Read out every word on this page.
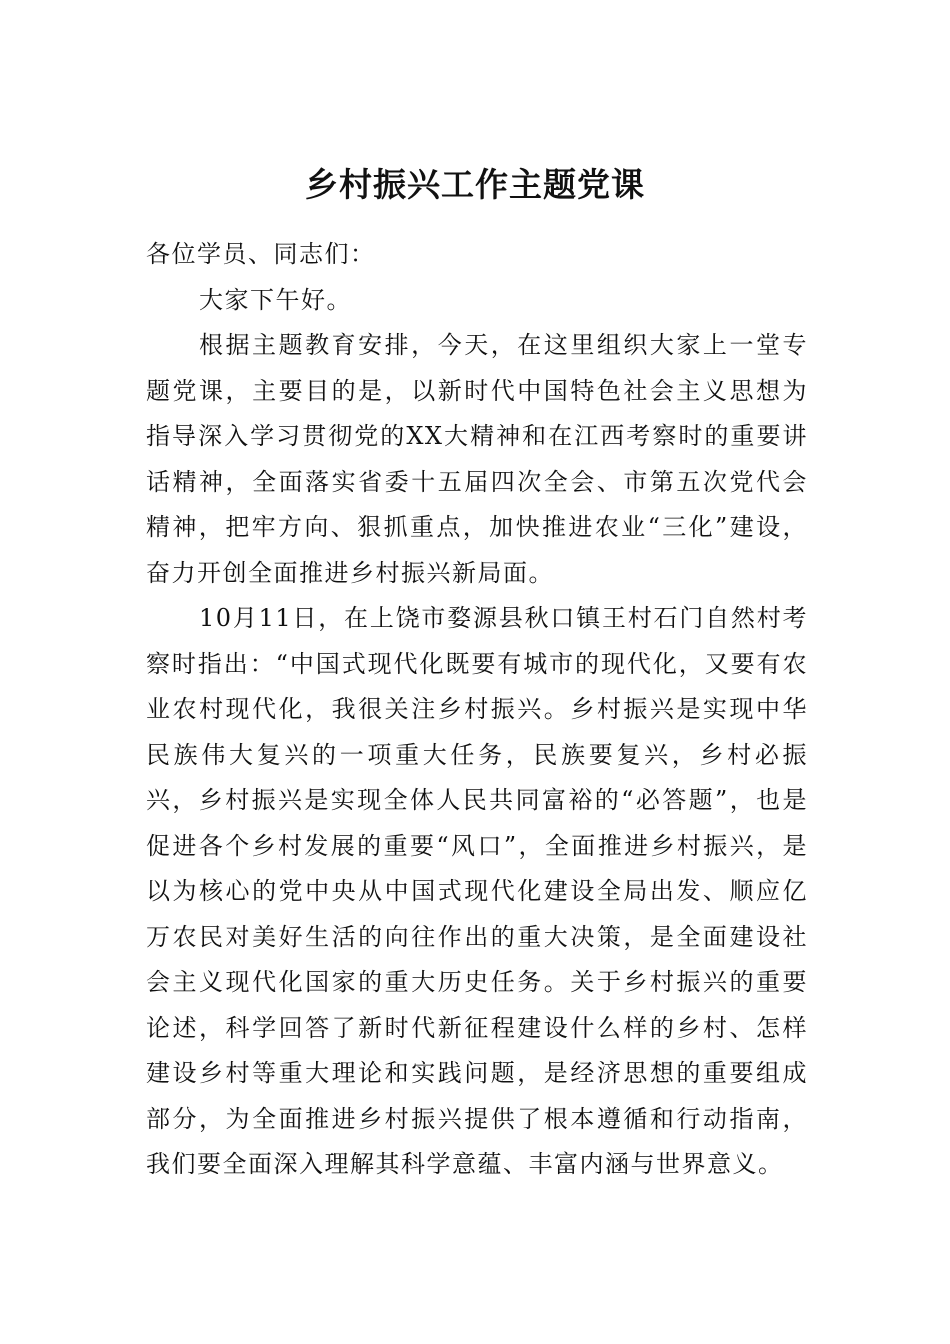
乡村振兴工作主题党课

各位学员、同志们：

大家下午好。

根据主题教育安排，今天，在这里组织大家上一堂专题党课，主要目的是，以新时代中国特色社会主义思想为指导深入学习贯彻党的XX大精神和在江西考察时的重要讲话精神，全面落实省委十五届四次全会、市第五次党代会精神，把牢方向、狠抓重点，加快推进农业“三化”建设，奋力开创全面推进乡村振兴新局面。

10月11日，在上饶市婺源县秋口镇王村石门自然村考察时指出：“中国式现代化既要有城市的现代化，又要有农业农村现代化，我很关注乡村振兴。乡村振兴是实现中华民族伟大复兴的一项重大任务，民族要复兴，乡村必振兴，乡村振兴是实现全体人民共同富裕的“必答题”，也是促进各个乡村发展的重要“风口”，全面推进乡村振兴，是以为核心的党中央从中国式现代化建设全局出发、顺应亿万农民对美好生活的向往作出的重大决策，是全面建设社会主义现代化国家的重大历史任务。关于乡村振兴的重要论述，科学回答了新时代新征程建设什么样的乡村、怎样建设乡村等重大理论和实践问题，是经济思想的重要组成部分，为全面推进乡村振兴提供了根本遵循和行动指南，我们要全面深入理解其科学意蕴、丰富内涵与世界意义。
